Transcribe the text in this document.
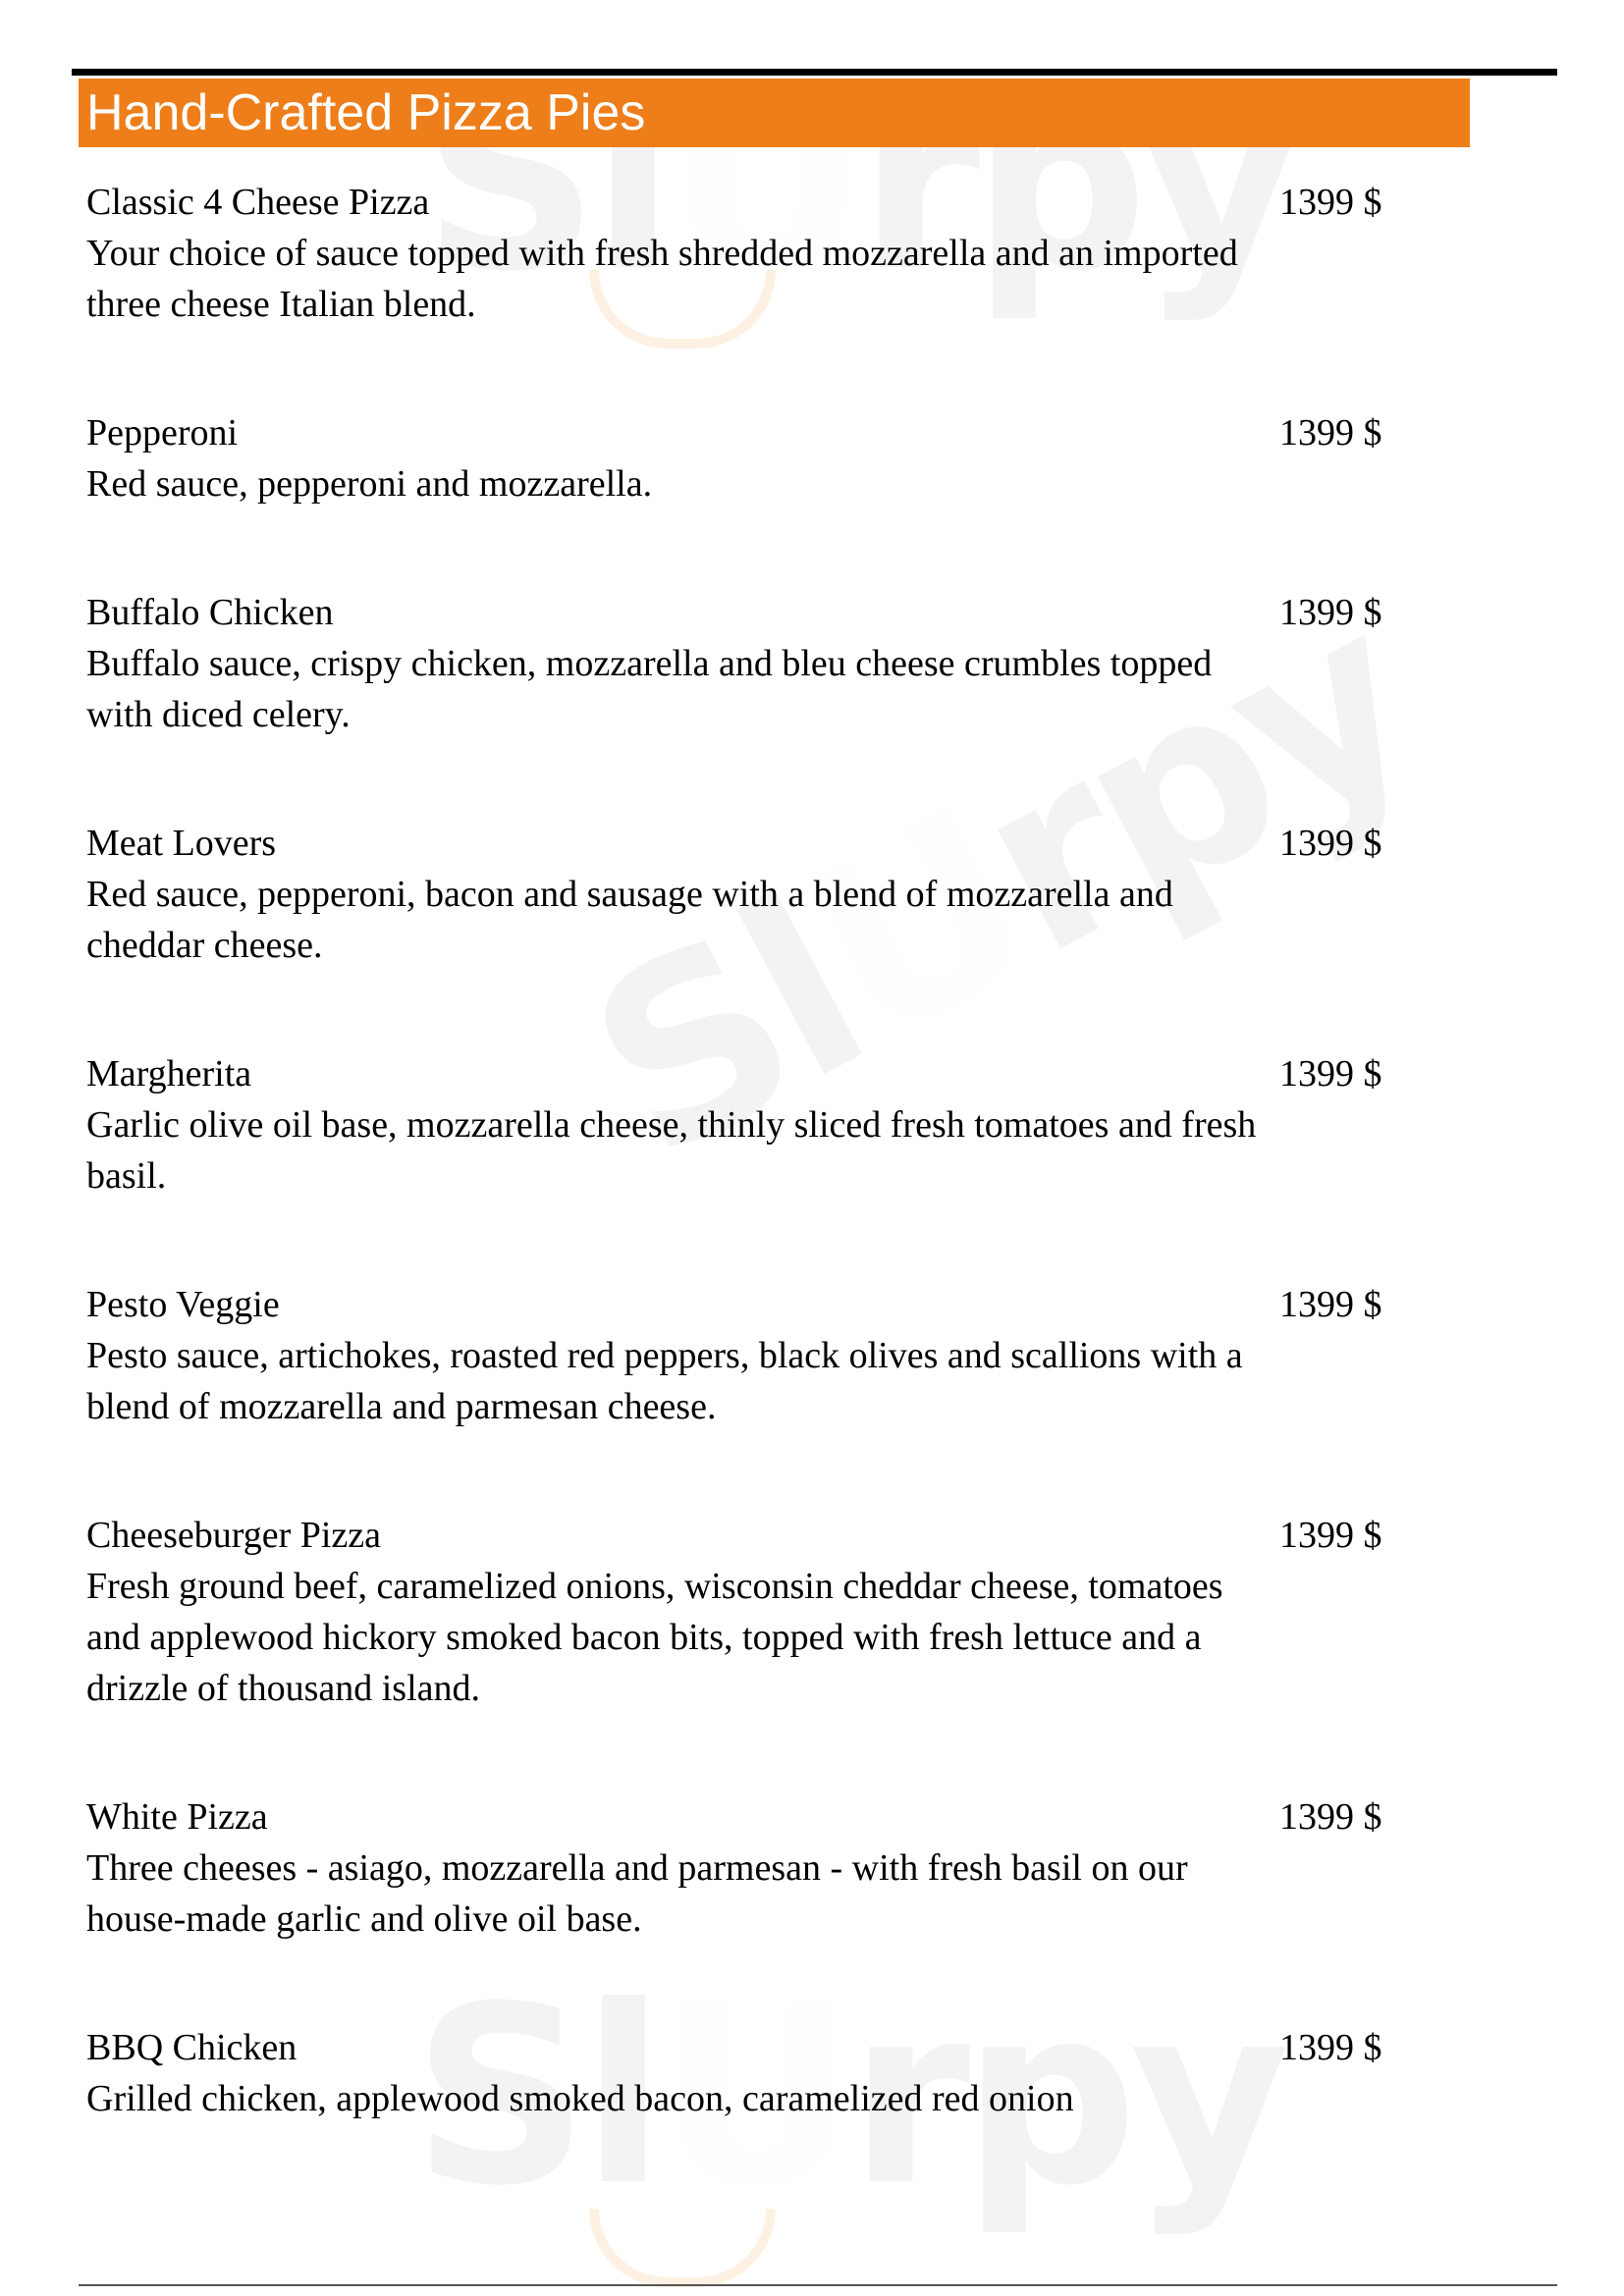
Hand-Crafted Pizza Pies
Classic 4 Cheese Pizza
Your choice of sauce topped with fresh shredded mozzarella and an imported three cheese Italian blend.
1399 $
Pepperoni
Red sauce, pepperoni and mozzarella.
1399 $
Buffalo Chicken
Buffalo sauce, crispy chicken, mozzarella and bleu cheese crumbles topped with diced celery.
1399 $
Meat Lovers
Red sauce, pepperoni, bacon and sausage with a blend of mozzarella and cheddar cheese.
1399 $
Margherita
Garlic olive oil base, mozzarella cheese, thinly sliced fresh tomatoes and fresh basil.
1399 $
Pesto Veggie
Pesto sauce, artichokes, roasted red peppers, black olives and scallions with a blend of mozzarella and parmesan cheese.
1399 $
Cheeseburger Pizza
Fresh ground beef, caramelized onions, wisconsin cheddar cheese, tomatoes and applewood hickory smoked bacon bits, topped with fresh lettuce and a drizzle of thousand island.
1399 $
White Pizza
Three cheeses - asiago, mozzarella and parmesan - with fresh basil on our house-made garlic and olive oil base.
1399 $
BBQ Chicken
Grilled chicken, applewood smoked bacon, caramelized red onion
1399 $
